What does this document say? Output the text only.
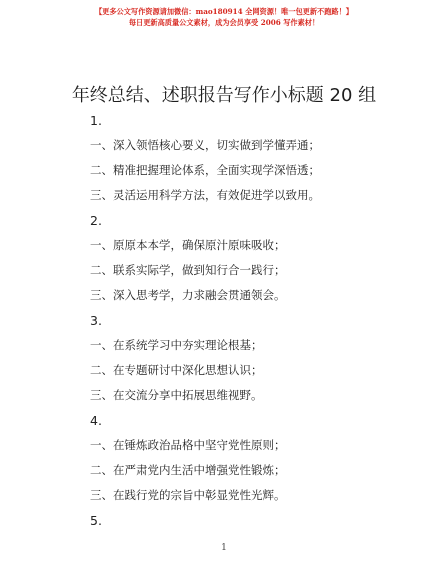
【更多公文写作资源请加微信：mao180914 全网资源！唯一包更新不跑路！】
每日更新高质量公文素材，成为会员享受 2006 写作素材！
年终总结、述职报告写作小标题 20 组
1.
一、深入领悟核心要义，切实做到学懂弄通；
二、精准把握理论体系，全面实现学深悟透；
三、灵活运用科学方法，有效促进学以致用。
2.
一、原原本本学，确保原汁原味吸收；
二、联系实际学，做到知行合一践行；
三、深入思考学，力求融会贯通领会。
3.
一、在系统学习中夯实理论根基；
二、在专题研讨中深化思想认识；
三、在交流分享中拓展思维视野。
4.
一、在锤炼政治品格中坚守党性原则；
二、在严肃党内生活中增强党性锻炼；
三、在践行党的宗旨中彰显党性光辉。
5.
1
